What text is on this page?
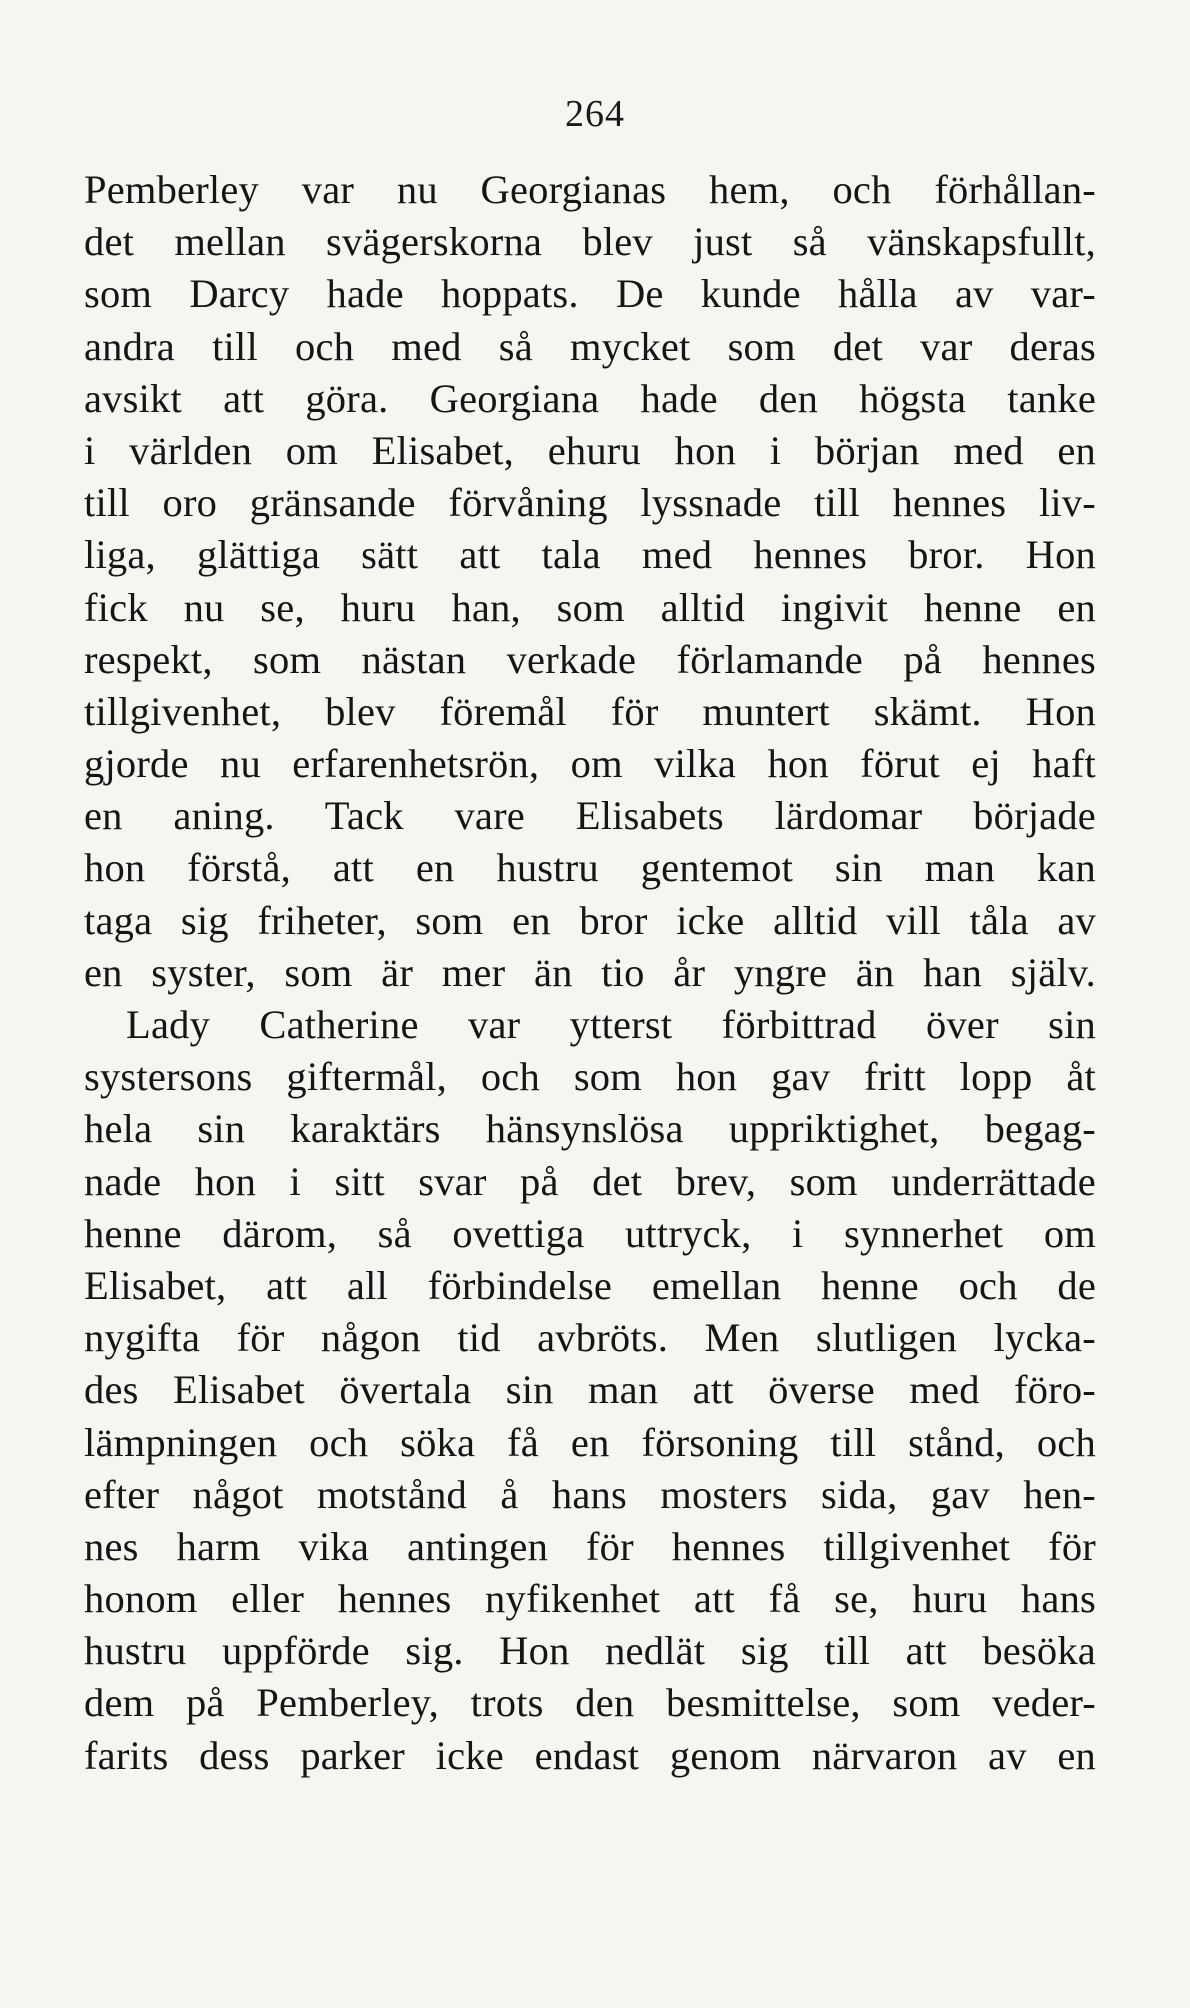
264
Pemberley var nu Georgianas hem, och förhållan-
det mellan svägerskorna blev just så vänskapsfullt,
som Darcy hade hoppats. De kunde hålla av var-
andra till och med så mycket som det var deras
avsikt att göra. Georgiana hade den högsta tanke
i världen om Elisabet, ehuru hon i början med en
till oro gränsande förvåning lyssnade till hennes liv-
liga, glättiga sätt att tala med hennes bror. Hon
fick nu se, huru han, som alltid ingivit henne en
respekt, som nästan verkade förlamande på hennes
tillgivenhet, blev föremål för muntert skämt. Hon
gjorde nu erfarenhetsrön, om vilka hon förut ej haft
en aning. Tack vare Elisabets lärdomar började
hon förstå, att en hustru gentemot sin man kan
taga sig friheter, som en bror icke alltid vill tåla av
en syster, som är mer än tio år yngre än han själv.
Lady Catherine var ytterst förbittrad över sin
systersons giftermål, och som hon gav fritt lopp åt
hela sin karaktärs hänsynslösa uppriktighet, begag-
nade hon i sitt svar på det brev, som underrättade
henne därom, så ovettiga uttryck, i synnerhet om
Elisabet, att all förbindelse emellan henne och de
nygifta för någon tid avbröts. Men slutligen lycka-
des Elisabet övertala sin man att överse med föro-
lämpningen och söka få en försoning till stånd, och
efter något motstånd å hans mosters sida, gav hen-
nes harm vika antingen för hennes tillgivenhet för
honom eller hennes nyfikenhet att få se, huru hans
hustru uppförde sig. Hon nedlät sig till att besöka
dem på Pemberley, trots den besmittelse, som veder-
farits dess parker icke endast genom närvaron av en
